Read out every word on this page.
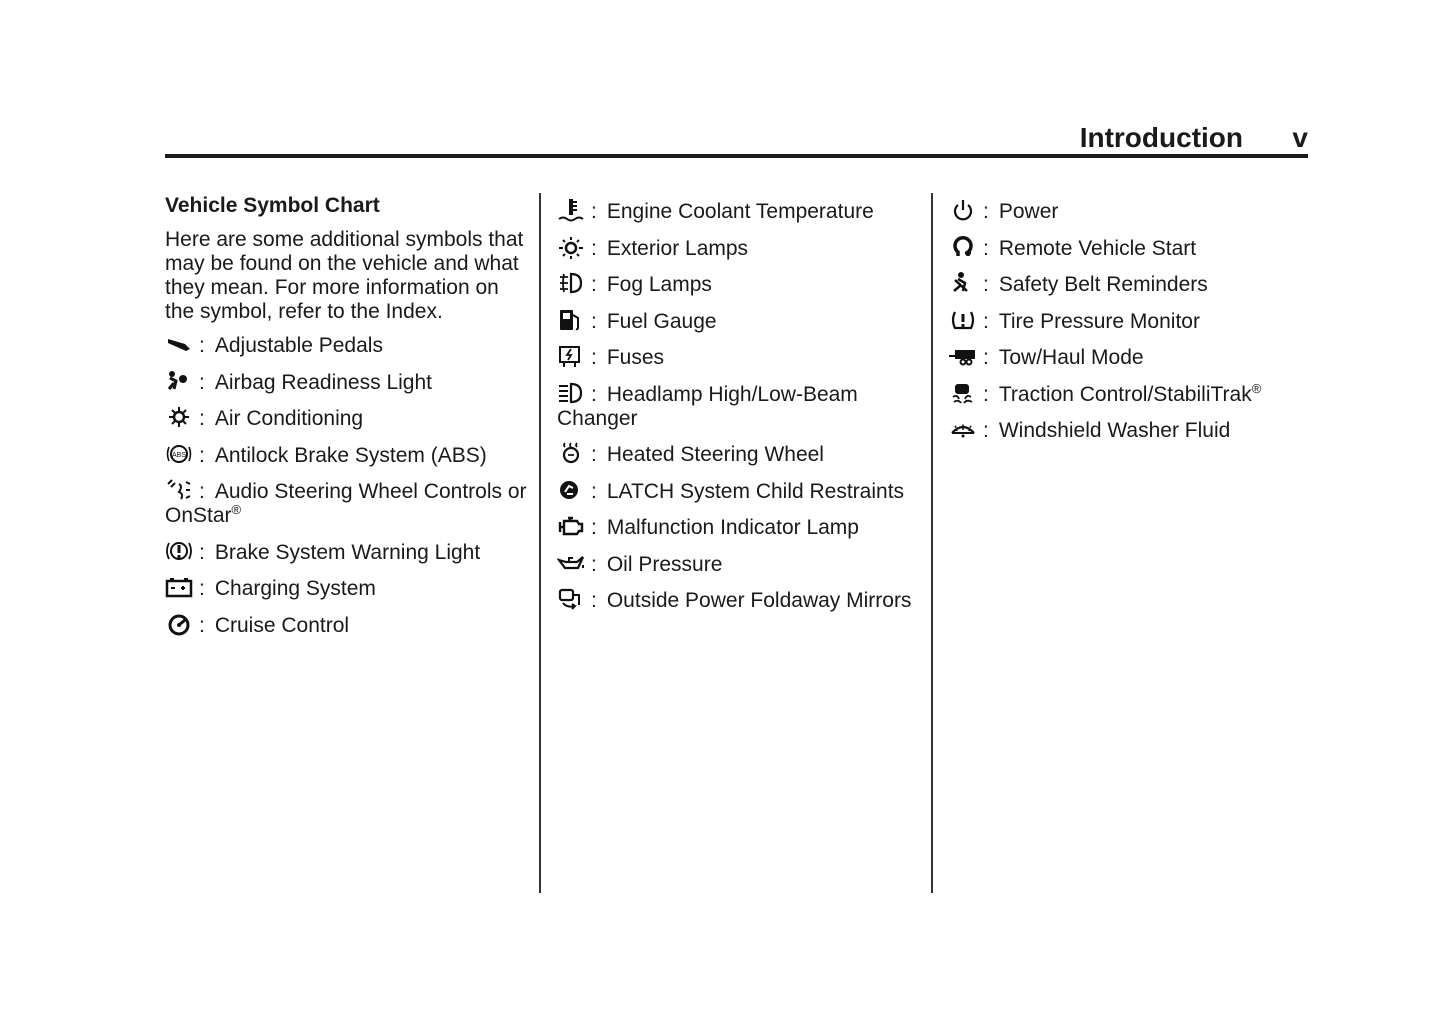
Introduction v
Vehicle Symbol Chart
Here are some additional symbols that may be found on the vehicle and what they mean. For more information on the symbol, refer to the Index.
: Adjustable Pedals
: Airbag Readiness Light
: Air Conditioning
ABS : Antilock Brake System (ABS)
: Audio Steering Wheel Controls or OnStar®
: Brake System Warning Light
: Charging System
: Cruise Control
: Engine Coolant Temperature
: Exterior Lamps
: Fog Lamps
: Fuel Gauge
: Fuses
: Headlamp High/Low-Beam Changer
: Heated Steering Wheel
: LATCH System Child Restraints
: Malfunction Indicator Lamp
: Oil Pressure
: Outside Power Foldaway Mirrors
: Power
: Remote Vehicle Start
: Safety Belt Reminders
: Tire Pressure Monitor
: Tow/Haul Mode
: Traction Control/StabiliTrak®
: Windshield Washer Fluid
